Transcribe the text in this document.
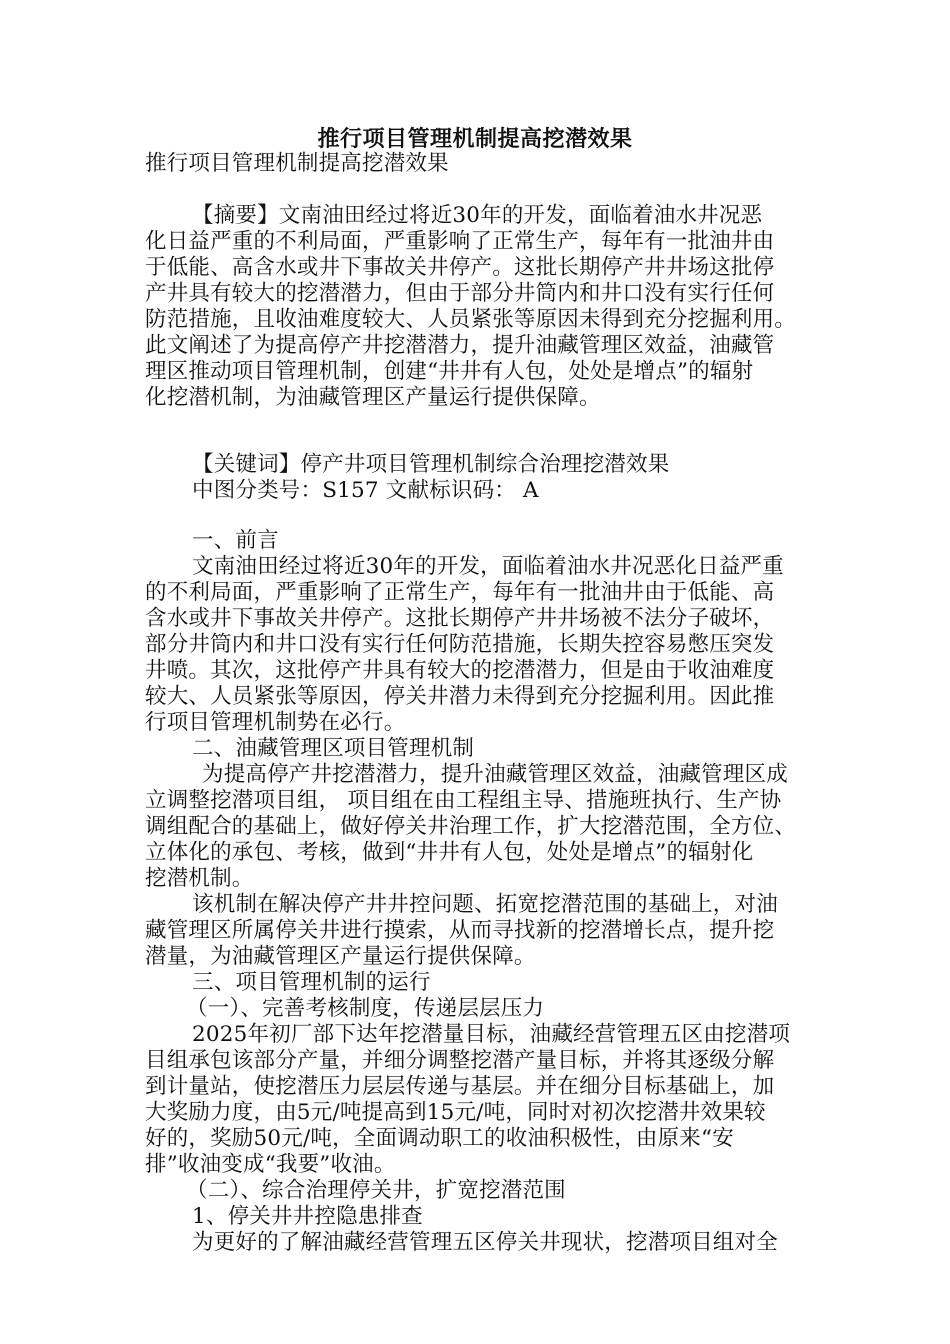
推行项目管理机制提高挖潜效果
推行项目管理机制提高挖潜效果
【摘要】文南油田经过将近30年的开发，面临着油水井况恶
化日益严重的不利局面，严重影响了正常生产，每年有一批油井由
于低能、高含水或井下事故关井停产。这批长期停产井井场这批停
产井具有较大的挖潜潜力，但由于部分井筒内和井口没有实行任何
防范措施，且收油难度较大、人员紧张等原因未得到充分挖掘利用。
此文阐述了为提高停产井挖潜潜力，提升油藏管理区效益，油藏管
理区推动项目管理机制，创建“井井有人包，处处是增点”的辐射
化挖潜机制，为油藏管理区产量运行提供保障。
【关键词】停产井项目管理机制综合治理挖潜效果
中图分类号：S157 文献标识码： A
一、前言
文南油田经过将近30年的开发，面临着油水井况恶化日益严重
的不利局面，严重影响了正常生产，每年有一批油井由于低能、高
含水或井下事故关井停产。这批长期停产井井场被不法分子破坏，
部分井筒内和井口没有实行任何防范措施，长期失控容易憋压突发
井喷。其次，这批停产井具有较大的挖潜潜力，但是由于收油难度
较大、人员紧张等原因，停关井潜力未得到充分挖掘利用。因此推
行项目管理机制势在必行。
二、油藏管理区项目管理机制
为提高停产井挖潜潜力，提升油藏管理区效益，油藏管理区成
立调整挖潜项目组， 项目组在由工程组主导、措施班执行、生产协
调组配合的基础上，做好停关井治理工作，扩大挖潜范围，全方位、
立体化的承包、考核，做到“井井有人包，处处是增点”的辐射化
挖潜机制。
该机制在解决停产井井控问题、拓宽挖潜范围的基础上，对油
藏管理区所属停关井进行摸索，从而寻找新的挖潜增长点，提升挖
潜量，为油藏管理区产量运行提供保障。
三、项目管理机制的运行
（一）、完善考核制度，传递层层压力
2025年初厂部下达年挖潜量目标，油藏经营管理五区由挖潜项
目组承包该部分产量，并细分调整挖潜产量目标，并将其逐级分解
到计量站，使挖潜压力层层传递与基层。并在细分目标基础上，加
大奖励力度，由5元/吨提高到15元/吨，同时对初次挖潜井效果较
好的，奖励50元/吨，全面调动职工的收油积极性，由原来“安
排”收油变成“我要”收油。
（二）、综合治理停关井，扩宽挖潜范围
1、停关井井控隐患排查
为更好的了解油藏经营管理五区停关井现状，挖潜项目组对全
